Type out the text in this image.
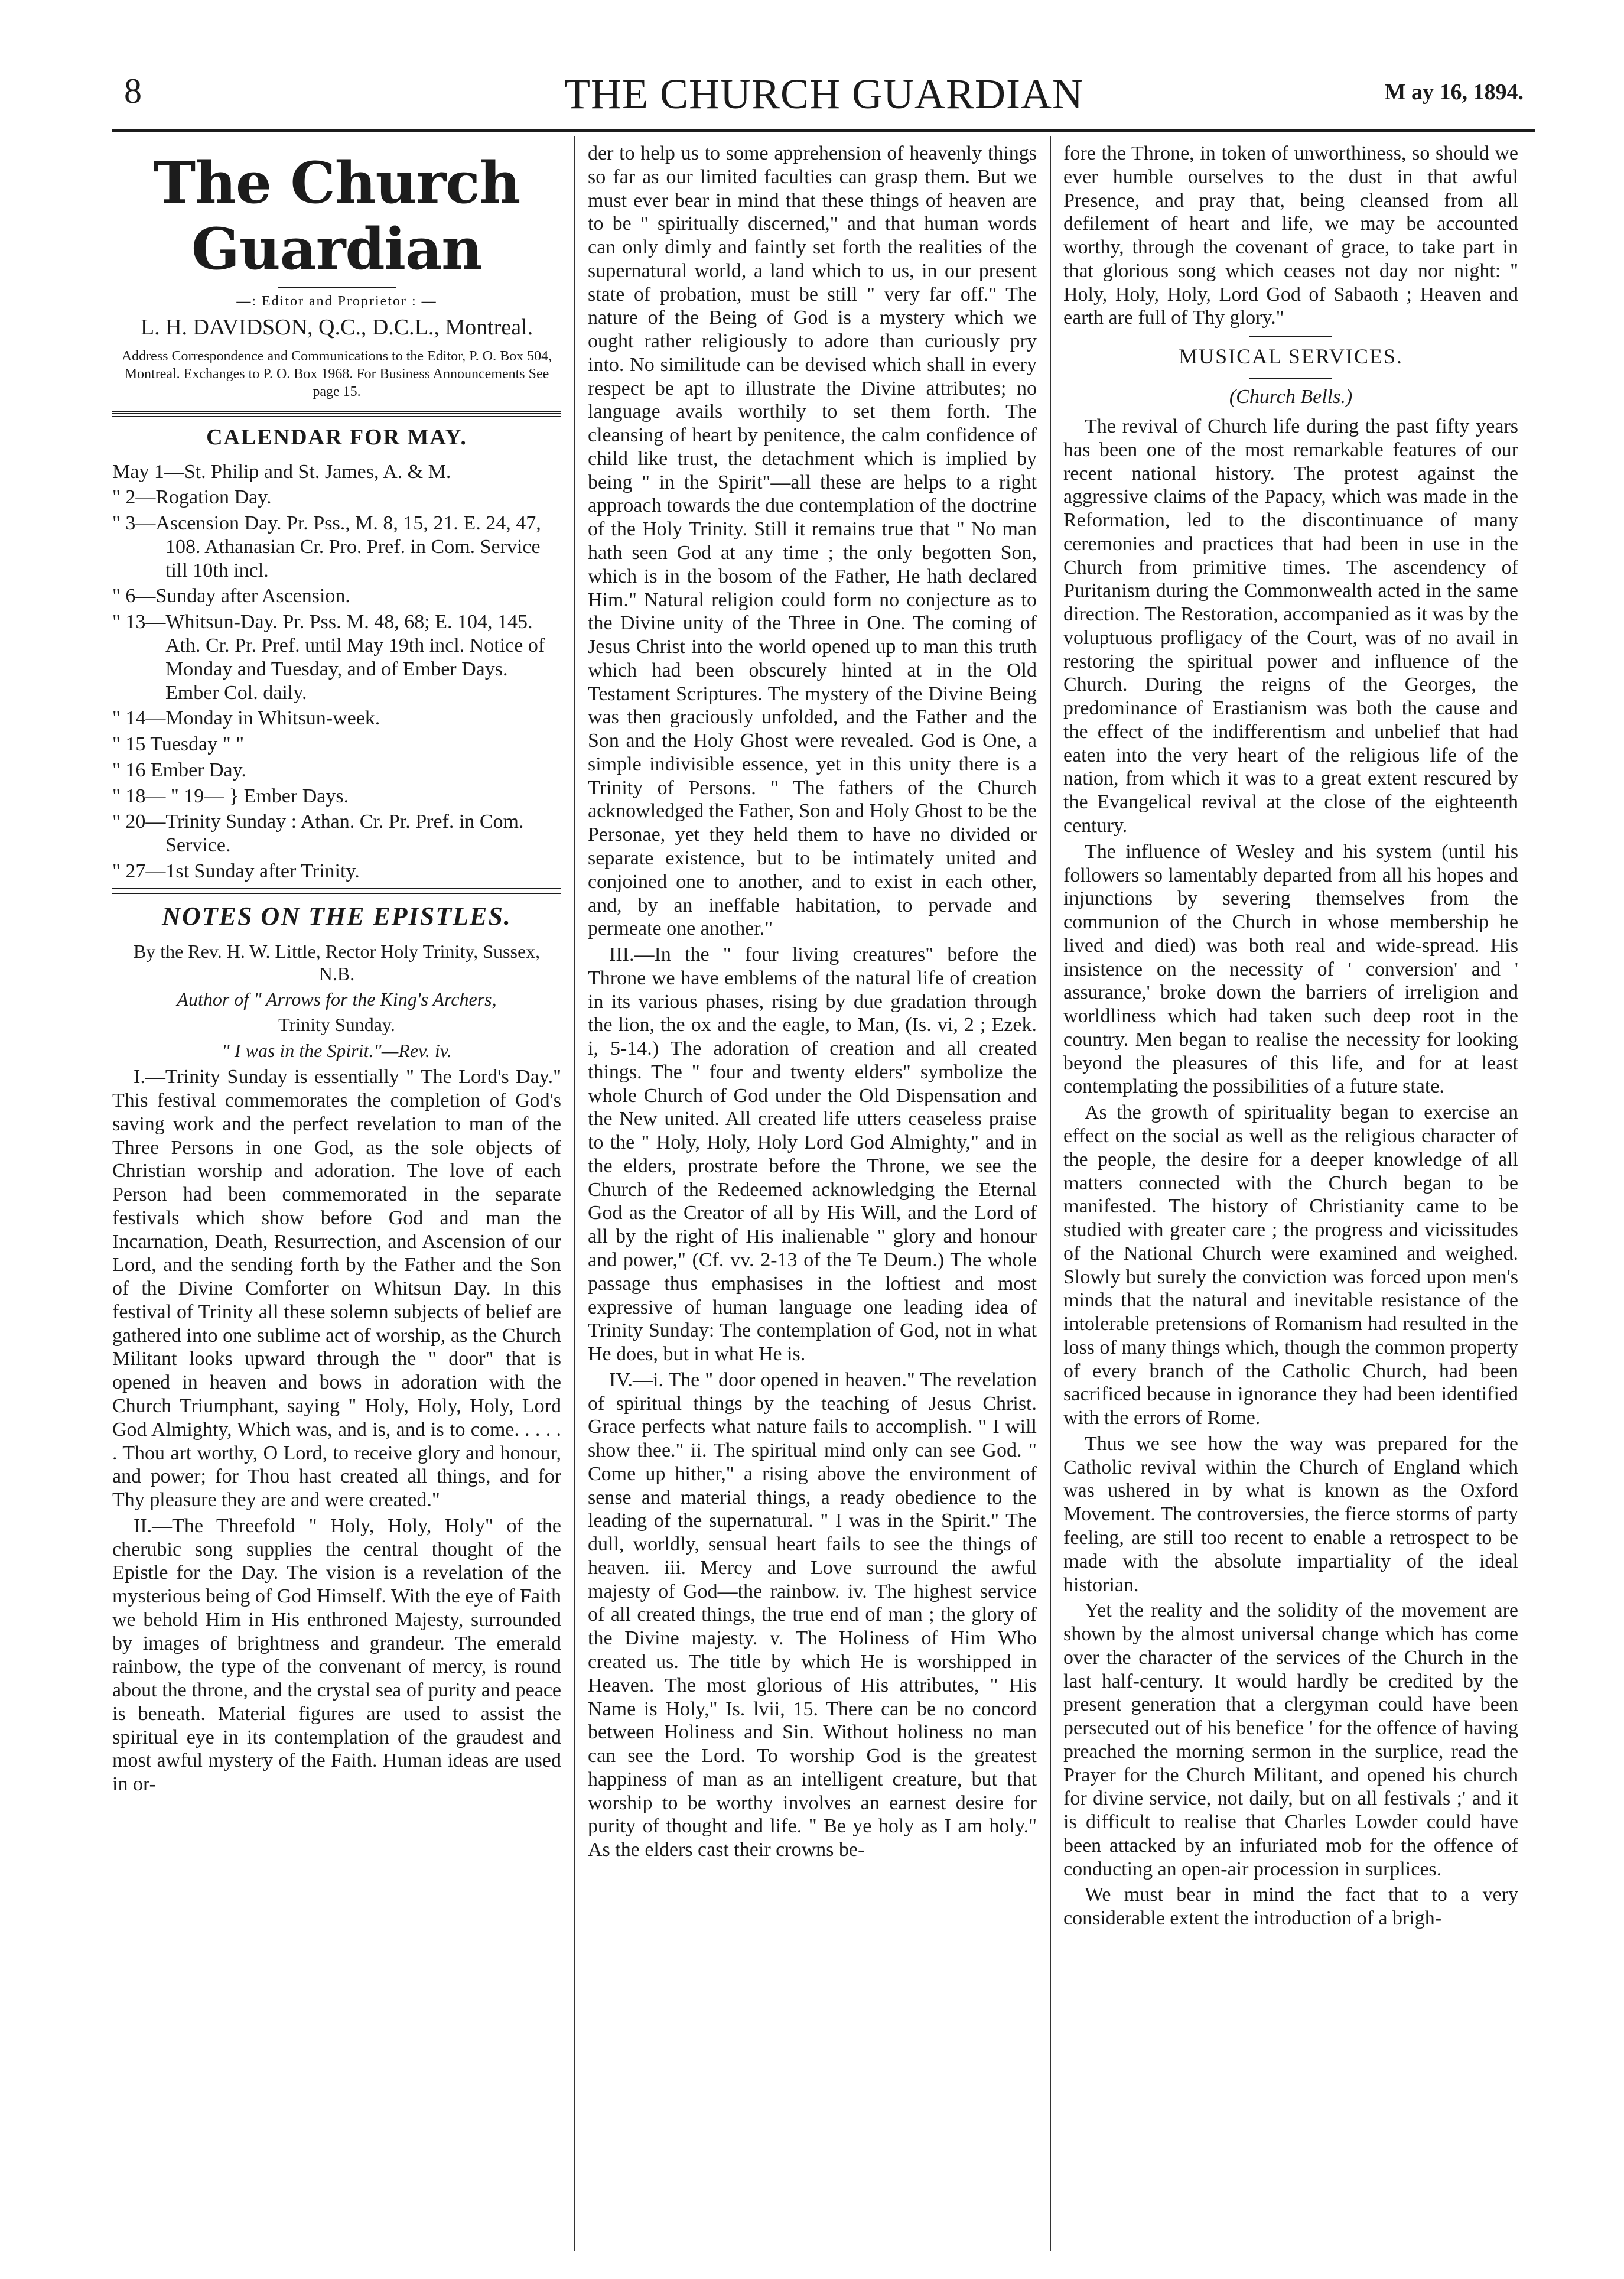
8	THE CHURCH GUARDIAN	M ay 16, 1894.
The Church Guardian
—: Editor and Proprietor : —
L. H. DAVIDSON, Q.C., D.C.L., Montreal.
Address Correspondence and Communications to the Editor, P. O. Box 504, Montreal. Exchanges to P. O. Box 1968. For Business Announcements See page 15.
CALENDAR FOR MAY.
May 1—St. Philip and St. James, A. & M.
" 2—Rogation Day.
" 3—Ascension Day. Pr. Pss., M. 8, 15, 21. E. 24, 47, 108. Athanasian Cr. Pro. Pref. in Com. Service till 10th incl.
" 6—Sunday after Ascension.
" 13—Whitsun-Day. Pr. Pss. M. 48, 68; E. 104, 145. Ath. Cr. Pr. Pref. until May 19th incl. Notice of Monday and Tuesday, and of Ember Days. Ember Col. daily.
" 14—Monday in Whitsun-week.
" 15 Tuesday " "
" 16 Ember Day.
" 18— " 19— } Ember Days.
" 20—Trinity Sunday : Athan. Cr. Pr. Pref. in Com. Service.
" 27—1st Sunday after Trinity.
NOTES ON THE EPISTLES.
By the Rev. H. W. Little, Rector Holy Trinity, Sussex, N.B.
Author of " Arrows for the King's Archers,
Trinity Sunday.
" I was in the Spirit."—Rev. iv.

I.—Trinity Sunday is essentially " The Lord's Day." This festival commemorates the completion of God's saving work and the perfect revelation to man of the Three Persons in one God, as the sole objects of Christian worship and adoration. The love of each Person had been commemorated in the separate festivals which show before God and man the Incarnation, Death, Resurrection, and Ascension of our Lord, and the sending forth by the Father and the Son of the Divine Comforter on Whitsun Day. In this festival of Trinity all these solemn subjects of belief are gathered into one sublime act of worship, as the Church Militant looks upward through the " door" that is opened in heaven and bows in adoration with the Church Triumphant, saying " Holy, Holy, Holy, Lord God Almighty, Which was, and is, and is to come. . . . . . Thou art worthy, O Lord, to receive glory and honour, and power; for Thou hast created all things, and for Thy pleasure they are and were created."

II.—The Threefold " Holy, Holy, Holy" of the cherubic song supplies the central thought of the Epistle for the Day. The vision is a revelation of the mysterious being of God Himself. With the eye of Faith we behold Him in His enthroned Majesty, surrounded by images of brightness and grandeur. The emerald rainbow, the type of the convenant of mercy, is round about the throne, and the crystal sea of purity and peace is beneath. Material figures are used to assist the spiritual eye in its contemplation of the graudest and most awful mystery of the Faith. Human ideas are used in or-

der to help us to some apprehension of heavenly things so far as our limited faculties can grasp them. But we must ever bear in mind that these things of heaven are to be " spiritually discerned," and that human words can only dimly and faintly set forth the realities of the supernatural world, a land which to us, in our present state of probation, must be still " very far off." The nature of the Being of God is a mystery which we ought rather religiously to adore than curiously pry into. No similitude can be devised which shall in every respect be apt to illustrate the Divine attributes; no language avails worthily to set them forth. The cleansing of heart by penitence, the calm confidence of child like trust, the detachment which is implied by being " in the Spirit"—all these are helps to a right approach towards the due contemplation of the doctrine of the Holy Trinity. Still it remains true that " No man hath seen God at any time ; the only begotten Son, which is in the bosom of the Father, He hath declared Him." Natural religion could form no conjecture as to the Divine unity of the Three in One. The coming of Jesus Christ into the world opened up to man this truth which had been obscurely hinted at in the Old Testament Scriptures. The mystery of the Divine Being was then graciously unfolded, and the Father and the Son and the Holy Ghost were revealed. God is One, a simple indivisible essence, yet in this unity there is a Trinity of Persons. " The fathers of the Church acknowledged the Father, Son and Holy Ghost to be the Personae, yet they held them to have no divided or separate existence, but to be intimately united and conjoined one to another, and to exist in each other, and, by an ineffable habitation, to pervade and permeate one another."

III.—In the " four living creatures" before the Throne we have emblems of the natural life of creation in its various phases, rising by due gradation through the lion, the ox and the eagle, to Man, (Is. vi, 2 ; Ezek. i, 5-14.) The adoration of creation and all created things. The " four and twenty elders" symbolize the whole Church of God under the Old Dispensation and the New united. All created life utters ceaseless praise to the " Holy, Holy, Holy Lord God Almighty," and in the elders, prostrate before the Throne, we see the Church of the Redeemed acknowledging the Eternal God as the Creator of all by His Will, and the Lord of all by the right of His inalienable " glory and honour and power," (Cf. vv. 2-13 of the Te Deum.) The whole passage thus emphasises in the loftiest and most expressive of human language one leading idea of Trinity Sunday: The contemplation of God, not in what He does, but in what He is.

IV.—i. The " door opened in heaven." The revelation of spiritual things by the teaching of Jesus Christ. Grace perfects what nature fails to accomplish. " I will show thee." ii. The spiritual mind only can see God. " Come up hither," a rising above the environment of sense and material things, a ready obedience to the leading of the supernatural. " I was in the Spirit." The dull, worldly, sensual heart fails to see the things of heaven. iii. Mercy and Love surround the awful majesty of God—the rainbow. iv. The highest service of all created things, the true end of man ; the glory of the Divine majesty. v. The Holiness of Him Who created us. The title by which He is worshipped in Heaven. The most glorious of His attributes, " His Name is Holy," Is. lvii, 15. There can be no concord between Holiness and Sin. Without holiness no man can see the Lord. To worship God is the greatest happiness of man as an intelligent creature, but that worship to be worthy involves an earnest desire for purity of thought and life. " Be ye holy as I am holy." As the elders cast their crowns be-

fore the Throne, in token of unworthiness, so should we ever humble ourselves to the dust in that awful Presence, and pray that, being cleansed from all defilement of heart and life, we may be accounted worthy, through the covenant of grace, to take part in that glorious song which ceases not day nor night: " Holy, Holy, Holy, Lord God of Sabaoth ; Heaven and earth are full of Thy glory."

MUSICAL SERVICES.
(Church Bells.)

The revival of Church life during the past fifty years has been one of the most remarkable features of our recent national history. The protest against the aggressive claims of the Papacy, which was made in the Reformation, led to the discontinuance of many ceremonies and practices that had been in use in the Church from primitive times. The ascendency of Puritanism during the Commonwealth acted in the same direction. The Restoration, accompanied as it was by the voluptuous profligacy of the Court, was of no avail in restoring the spiritual power and influence of the Church. During the reigns of the Georges, the predominance of Erastianism was both the cause and the effect of the indifferentism and unbelief that had eaten into the very heart of the religious life of the nation, from which it was to a great extent rescured by the Evangelical revival at the close of the eighteenth century.

The influence of Wesley and his system (until his followers so lamentably departed from all his hopes and injunctions by severing themselves from the communion of the Church in whose membership he lived and died) was both real and wide-spread. His insistence on the necessity of ' conversion' and ' assurance,' broke down the barriers of irreligion and worldliness which had taken such deep root in the country. Men began to realise the necessity for looking beyond the pleasures of this life, and for at least contemplating the possibilities of a future state.

As the growth of spirituality began to exercise an effect on the social as well as the religious character of the people, the desire for a deeper knowledge of all matters connected with the Church began to be manifested. The history of Christianity came to be studied with greater care ; the progress and vicissitudes of the National Church were examined and weighed. Slowly but surely the conviction was forced upon men's minds that the natural and inevitable resistance of the intolerable pretensions of Romanism had resulted in the loss of many things which, though the common property of every branch of the Catholic Church, had been sacrificed because in ignorance they had been identified with the errors of Rome.

Thus we see how the way was prepared for the Catholic revival within the Church of England which was ushered in by what is known as the Oxford Movement. The controversies, the fierce storms of party feeling, are still too recent to enable a retrospect to be made with the absolute impartiality of the ideal historian.

Yet the reality and the solidity of the movement are shown by the almost universal change which has come over the character of the services of the Church in the last half-century. It would hardly be credited by the present generation that a clergyman could have been persecuted out of his benefice ' for the offence of having preached the morning sermon in the surplice, read the Prayer for the Church Militant, and opened his church for divine service, not daily, but on all festivals ;' and it is difficult to realise that Charles Lowder could have been attacked by an infuriated mob for the offence of conducting an open-air procession in surplices.

We must bear in mind the fact that to a very considerable extent the introduction of a brigh-
